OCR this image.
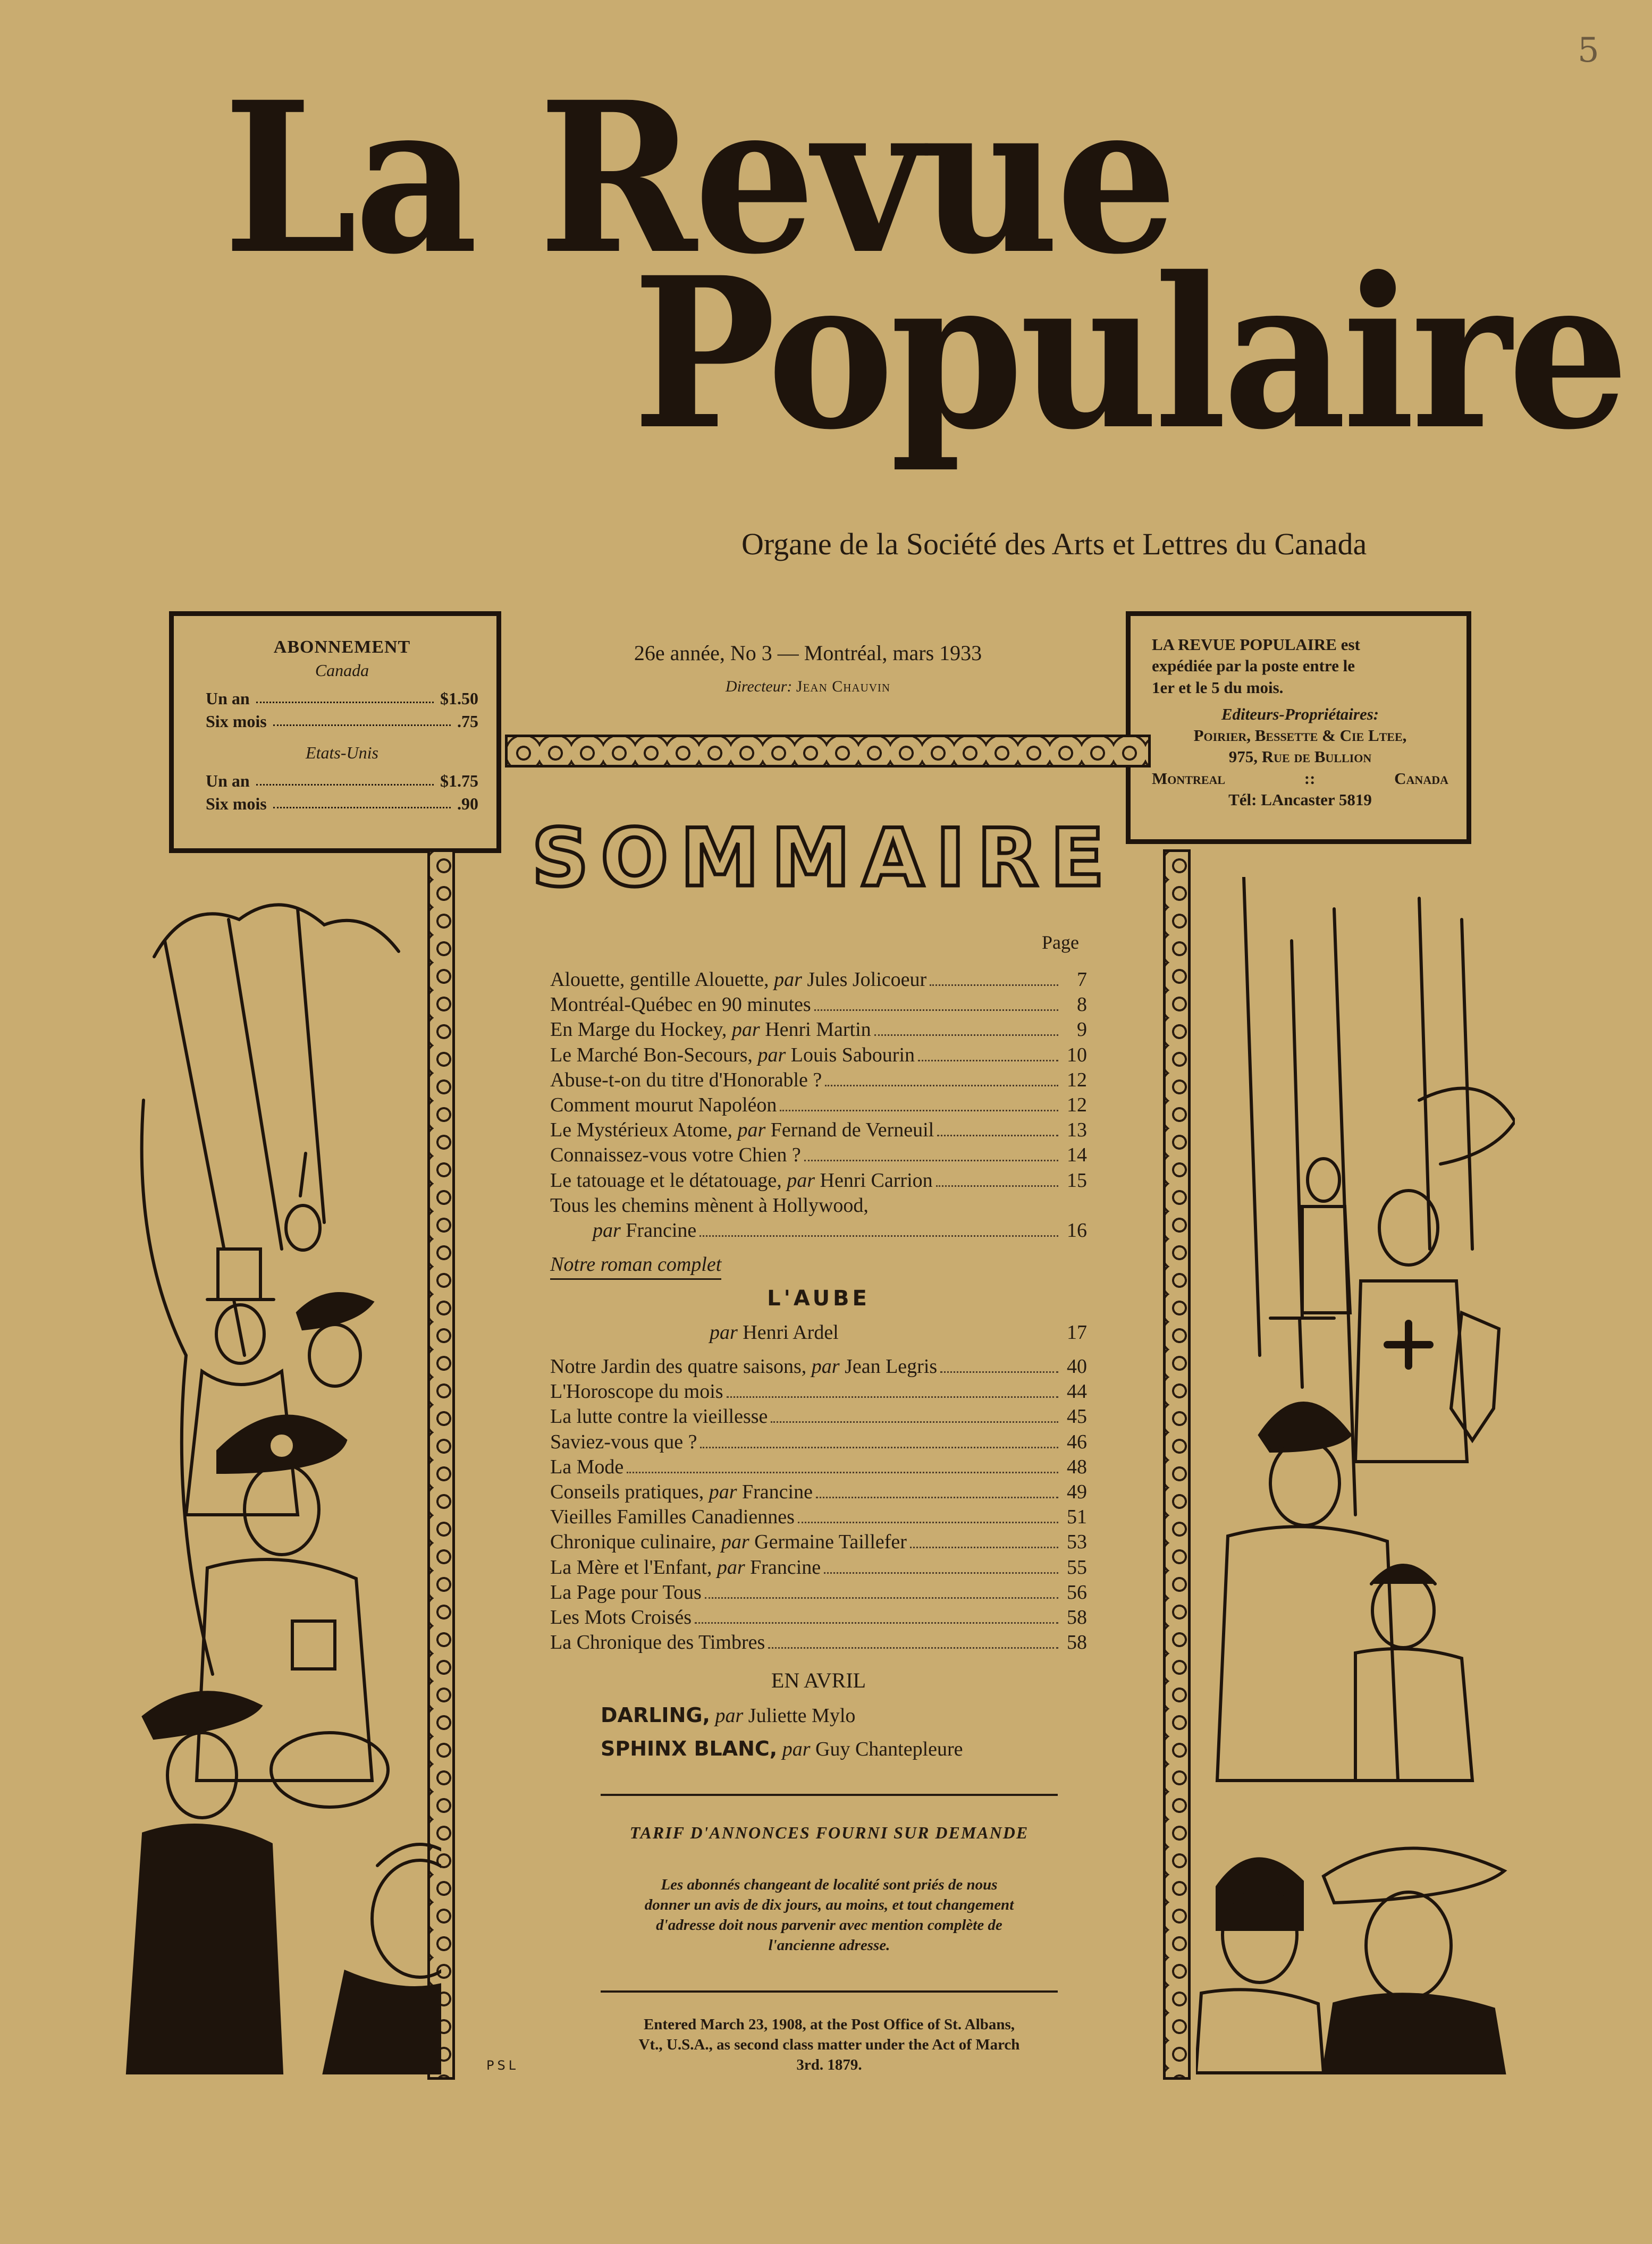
5
La Revue
Populaire
Organe de la Société des Arts et Lettres du Canada
ABONNEMENT
Canada
Un an	$1.50
Six mois	.75
Etats-Unis
Un an	$1.75
Six mois	.90
26e année, No 3 — Montréal, mars 1933
Directeur: Jean Chauvin
LA REVUE POPULAIRE est
expédiée par la poste entre le
1er et le 5 du mois.
Editeurs-Propriétaires:
Poirier, Bessette & Cie Ltee,
975, Rue de Bullion
Montreal	::	Canada
Tél: LAncaster 5819
SOMMAIRE
Page
Alouette, gentille Alouette, par Jules Jolicoeur	7
Montréal-Québec en 90 minutes	8
En Marge du Hockey, par Henri Martin	9
Le Marché Bon-Secours, par Louis Sabourin	10
Abuse-t-on du titre d'Honorable ?	12
Comment mourut Napoléon	12
Le Mystérieux Atome, par Fernand de Verneuil	13
Connaissez-vous votre Chien ?	14
Le tatouage et le détatouage, par Henri Carrion	15
Tous les chemins mènent à Hollywood,
par Francine	16
Notre roman complet
L'AUBE
par Henri Ardel	17
Notre Jardin des quatre saisons, par Jean Legris	40
L'Horoscope du mois	44
La lutte contre la vieillesse	45
Saviez-vous que ?	46
La Mode	48
Conseils pratiques, par Francine	49
Vieilles Familles Canadiennes	51
Chronique culinaire, par Germaine Taillefer	53
La Mère et l'Enfant, par Francine	55
La Page pour Tous	56
Les Mots Croisés	58
La Chronique des Timbres	58
EN AVRIL
DARLING, par Juliette Mylo
SPHINX BLANC, par Guy Chantepleure
TARIF D'ANNONCES FOURNI SUR DEMANDE
Les abonnés changeant de localité sont priés de nous donner un avis de dix jours, au moins, et tout changement d'adresse doit nous parvenir avec mention complète de l'ancienne adresse.
Entered March 23, 1908, at the Post Office of St. Albans, Vt., U.S.A., as second class matter under the Act of March 3rd. 1879.
PSL
